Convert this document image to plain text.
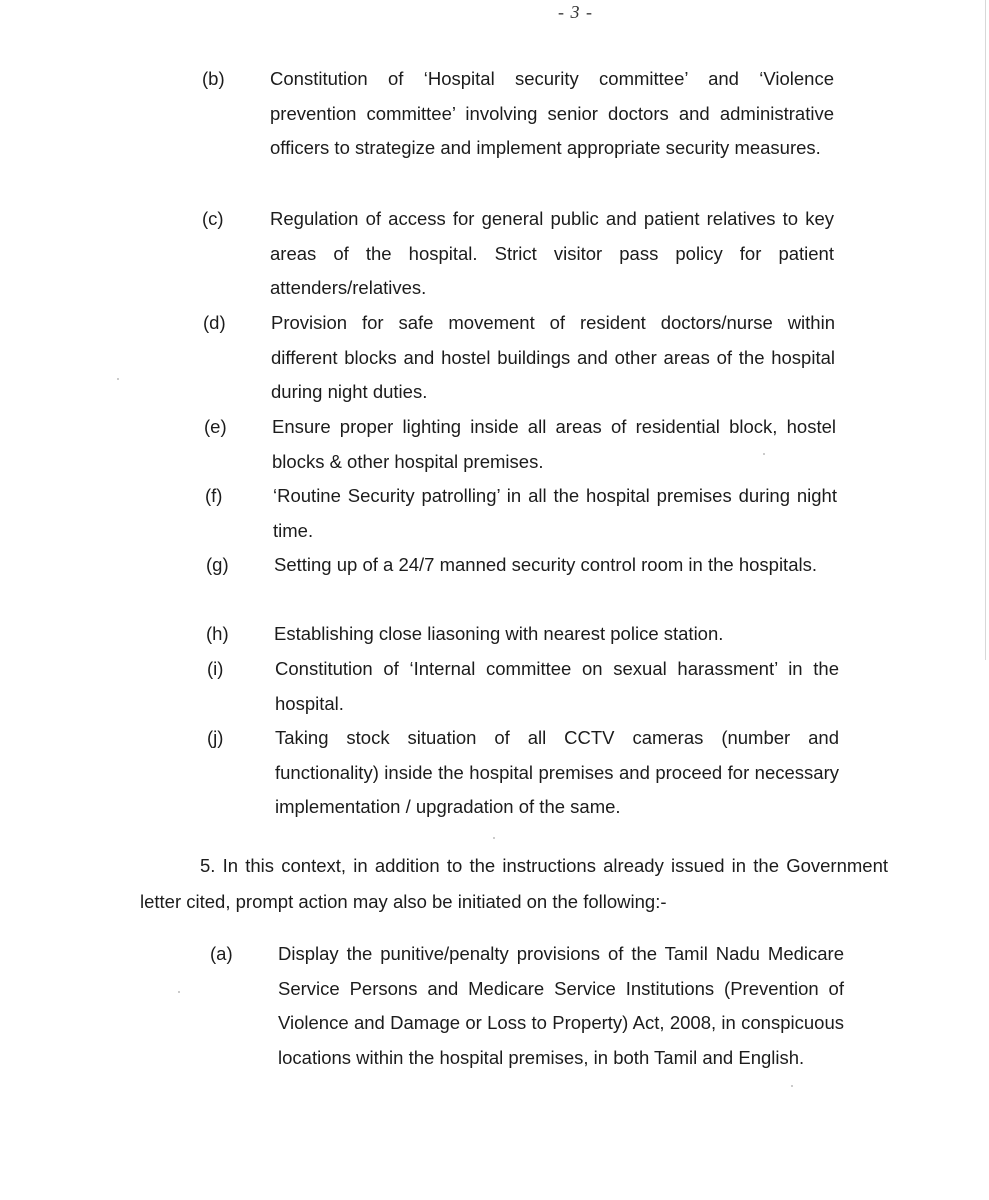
- 3 -
(b) Constitution of ‘Hospital security committee’ and ‘Violence prevention committee’ involving senior doctors and administrative officers to strategize and implement appropriate security measures.
(c)	Regulation of access for general public and patient relatives to key areas of the hospital. Strict visitor pass policy for patient attenders/relatives.
(d) Provision for safe movement of resident doctors/nurse within different blocks and hostel buildings and other areas of the hospital during night duties.
(e) Ensure proper lighting inside all areas of residential block, hostel blocks & other hospital premises.
(f)	‘Routine Security patrolling’ in all the hospital premises during night time.
(g) Setting up of a 24/7 manned security control room in the hospitals.
(h) Establishing close liasoning with nearest police station.
(i)	Constitution of ‘Internal committee on sexual harassment’ in the hospital.
(j)	Taking stock situation of all CCTV cameras (number and functionality) inside the hospital premises and proceed for necessary implementation / upgradation of the same.
5. In this context, in addition to the instructions already issued in the Government letter cited, prompt action may also be initiated on the following:-
(a) Display the punitive/penalty provisions of the Tamil Nadu Medicare Service Persons and Medicare Service Institutions (Prevention of Violence and Damage or Loss to Property) Act, 2008, in conspicuous locations within the hospital premises, in both Tamil and English.
